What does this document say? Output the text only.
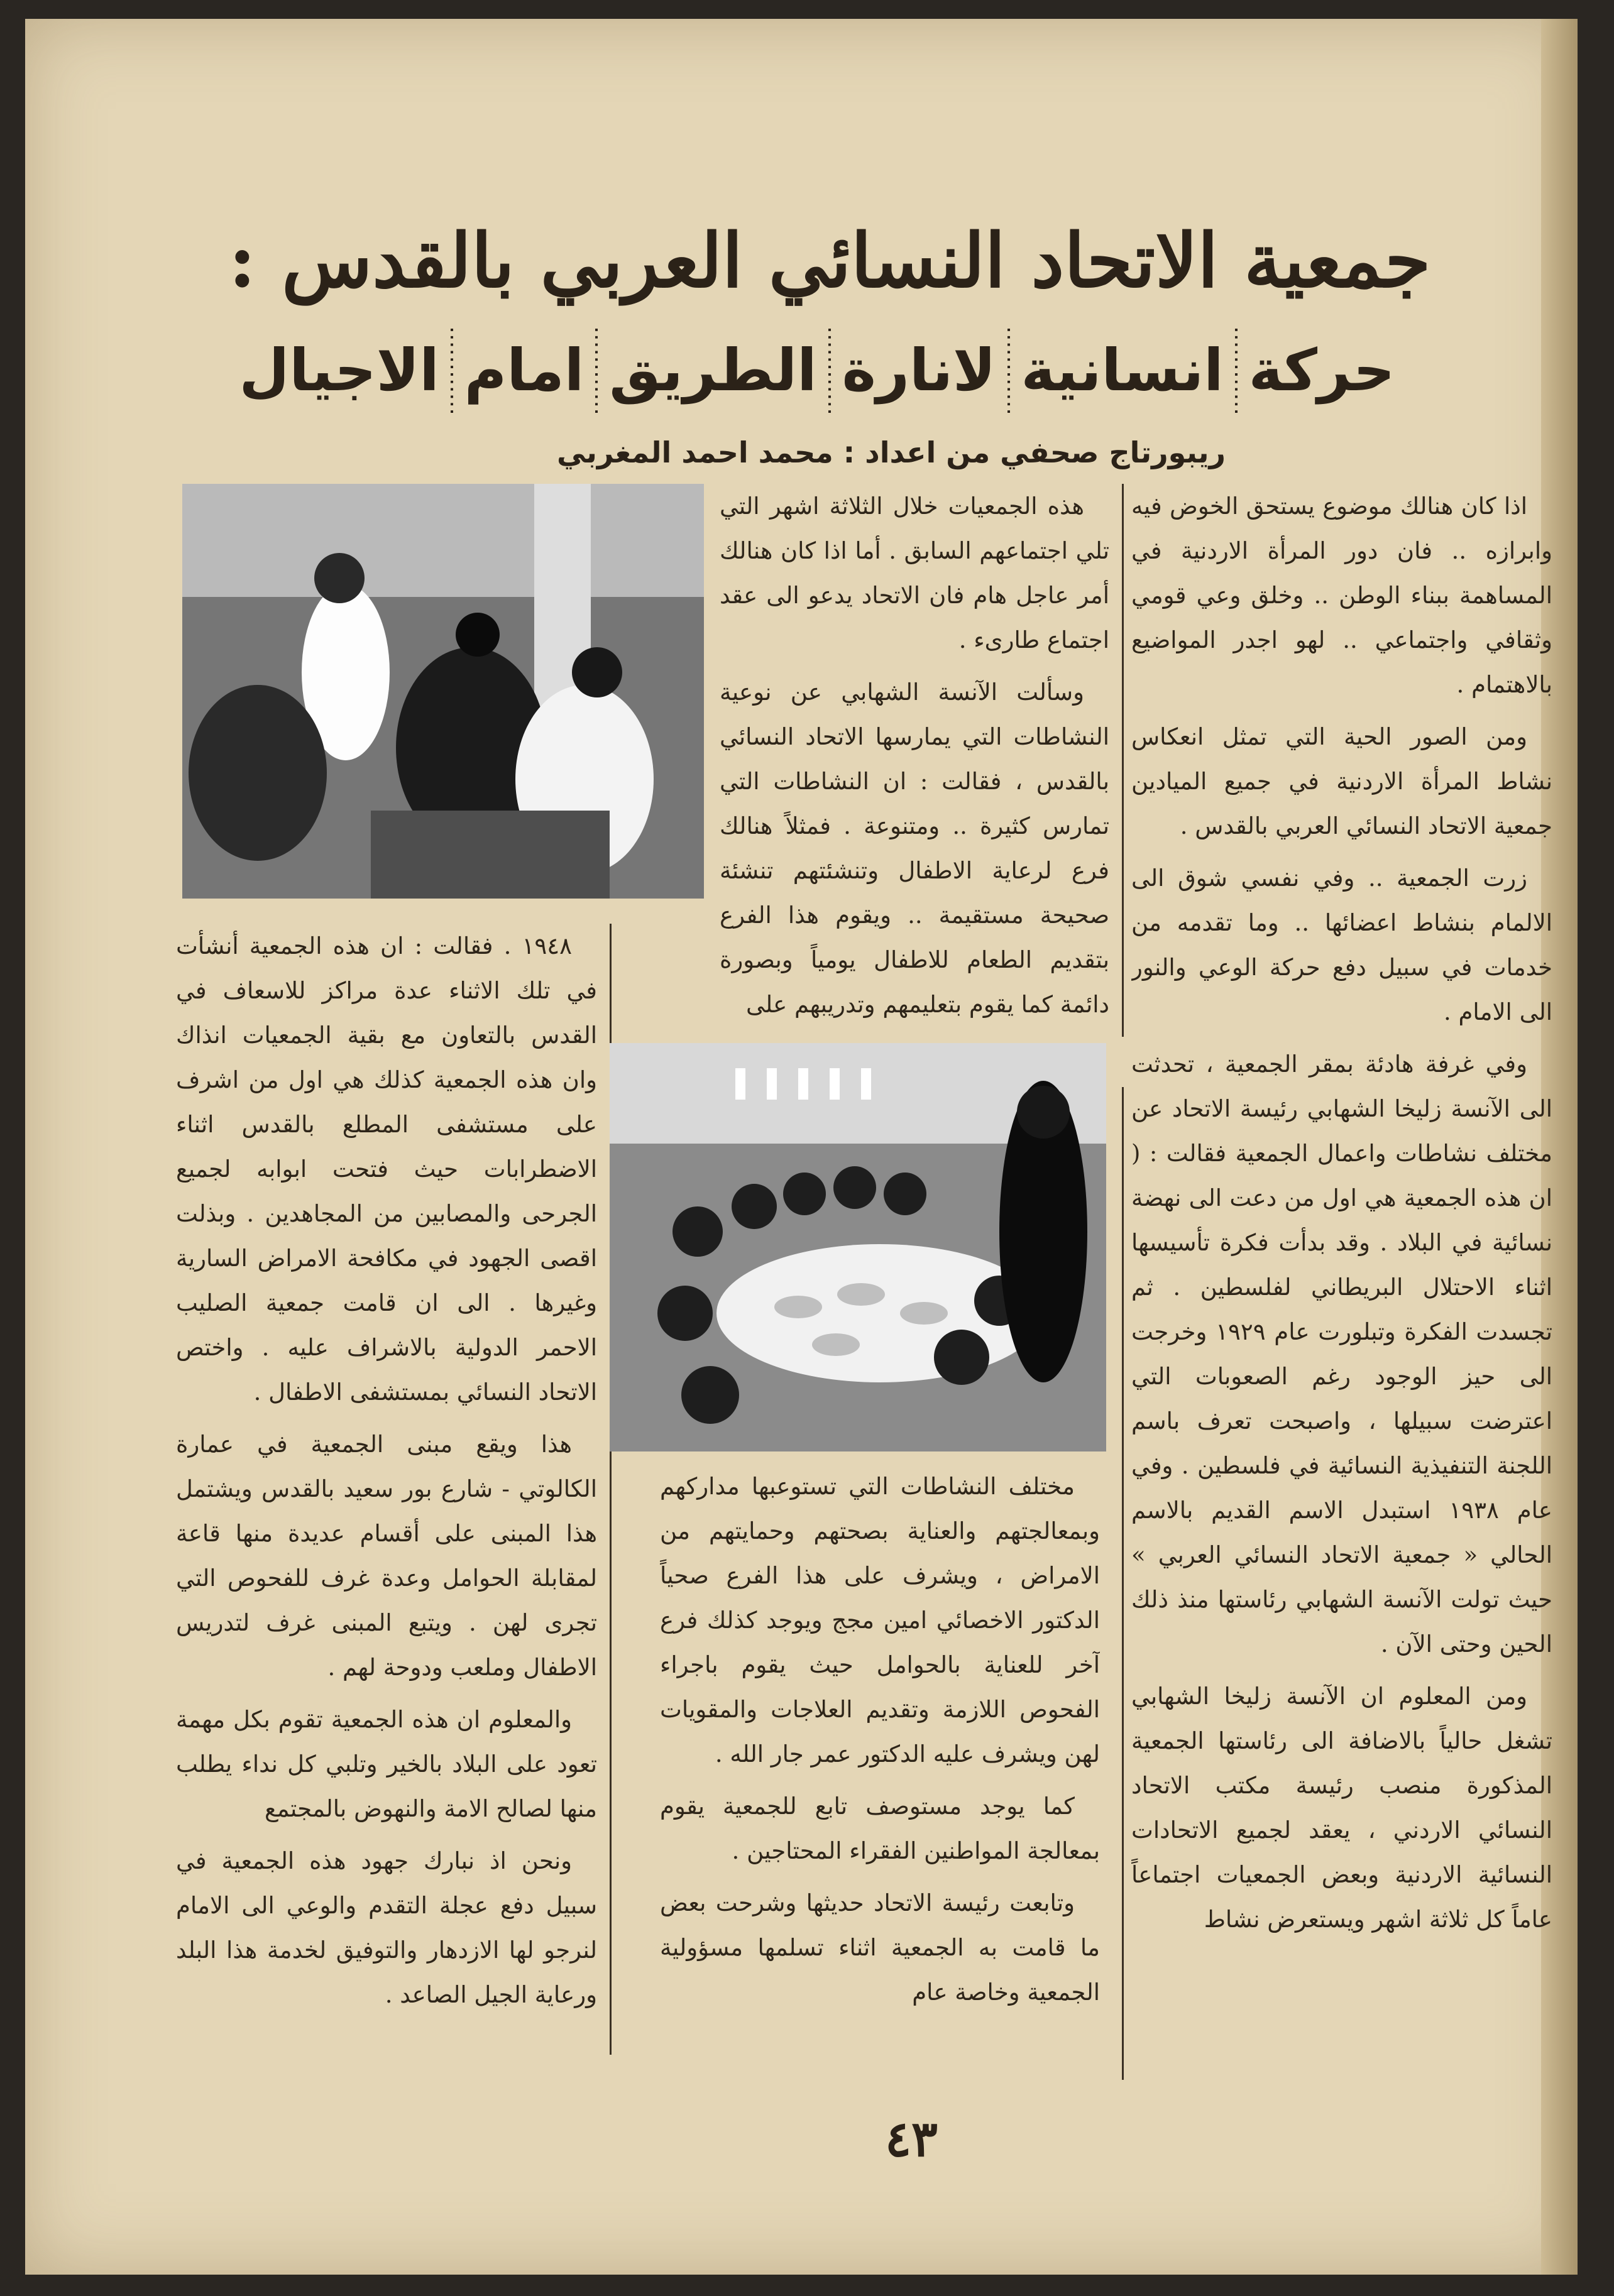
جمعية الاتحاد النسائي العربي بالقدس :
حركة
انسانية
لانارة
الطريق
امام
الاجيال
ريبورتاج صحفي من اعداد : محمد احمد المغربي

اذا كان هنالك موضوع يستحق الخوض فيه وابرازه .. فان دور المرأة الاردنية في المساهمة ببناء الوطن .. وخلق وعي قومي وثقافي واجتماعي .. لهو اجدر المواضيع بالاهتمام .

ومن الصور الحية التي تمثل انعكاس نشاط المرأة الاردنية في جميع الميادين جمعية الاتحاد النسائي العربي بالقدس .

زرت الجمعية .. وفي نفسي شوق الى الالمام بنشاط اعضائها .. وما تقدمه من خدمات في سبيل دفع حركة الوعي والنور الى الامام .

وفي غرفة هادئة بمقر الجمعية ، تحدثت الى الآنسة زليخا الشهابي رئيسة الاتحاد عن مختلف نشاطات واعمال الجمعية فقالت : ( ان هذه الجمعية هي اول من دعت الى نهضة نسائية في البلاد . وقد بدأت فكرة تأسيسها اثناء الاحتلال البريطاني لفلسطين . ثم تجسدت الفكرة وتبلورت عام ١٩٢٩ وخرجت الى حيز الوجود رغم الصعوبات التي اعترضت سبيلها ، واصبحت تعرف باسم اللجنة التنفيذية النسائية في فلسطين . وفي عام ١٩٣٨ استبدل الاسم القديم بالاسم الحالي « جمعية الاتحاد النسائي العربي » حيث تولت الآنسة الشهابي رئاستها منذ ذلك الحين وحتى الآن .

ومن المعلوم ان الآنسة زليخا الشهابي تشغل حالياً بالاضافة الى رئاستها الجمعية المذكورة منصب رئيسة مكتب الاتحاد النسائي الاردني ، يعقد لجميع الاتحادات النسائية الاردنية وبعض الجمعيات اجتماعاً عاماً كل ثلاثة اشهر ويستعرض نشاط

هذه الجمعيات خلال الثلاثة اشهر التي تلي اجتماعهم السابق . أما اذا كان هنالك أمر عاجل هام فان الاتحاد يدعو الى عقد اجتماع طارىء .

وسألت الآنسة الشهابي عن نوعية النشاطات التي يمارسها الاتحاد النسائي بالقدس ، فقالت : ان النشاطات التي تمارس كثيرة .. ومتنوعة . فمثلاً هنالك فرع لرعاية الاطفال وتنشئتهم تنشئة صحيحة مستقيمة .. ويقوم هذا الفرع بتقديم الطعام للاطفال يومياً وبصورة دائمة كما يقوم بتعليمهم وتدريبهم على

١٩٤٨ . فقالت : ان هذه الجمعية أنشأت في تلك الاثناء عدة مراكز للاسعاف في القدس بالتعاون مع بقية الجمعيات انذاك وان هذه الجمعية كذلك هي اول من اشرف على مستشفى المطلع بالقدس اثناء الاضطرابات حيث فتحت ابوابه لجميع الجرحى والمصابين من المجاهدين . وبذلت اقصى الجهود في مكافحة الامراض السارية وغيرها . الى ان قامت جمعية الصليب الاحمر الدولية بالاشراف عليه . واختص الاتحاد النسائي بمستشفى الاطفال .

هذا ويقع مبنى الجمعية في عمارة الكالوتي - شارع بور سعيد بالقدس ويشتمل هذا المبنى على أقسام عديدة منها قاعة لمقابلة الحوامل وعدة غرف للفحوص التي تجرى لهن . ويتبع المبنى غرف لتدريس الاطفال وملعب ودوحة لهم .

والمعلوم ان هذه الجمعية تقوم بكل مهمة تعود على البلاد بالخير وتلبي كل نداء يطلب منها لصالح الامة والنهوض بالمجتمع

ونحن اذ نبارك جهود هذه الجمعية في سبيل دفع عجلة التقدم والوعي الى الامام لنرجو لها الازدهار والتوفيق لخدمة هذا البلد ورعاية الجيل الصاعد .

مختلف النشاطات التي تستوعبها مداركهم وبمعالجتهم والعناية بصحتهم وحمايتهم من الامراض ، ويشرف على هذا الفرع صحياً الدكتور الاخصائي امين مجج ويوجد كذلك فرع آخر للعناية بالحوامل حيث يقوم باجراء الفحوص اللازمة وتقديم العلاجات والمقويات لهن ويشرف عليه الدكتور عمر جار الله .

كما يوجد مستوصف تابع للجمعية يقوم بمعالجة المواطنين الفقراء المحتاجين .

وتابعت رئيسة الاتحاد حديثها وشرحت بعض ما قامت به الجمعية اثناء تسلمها مسؤولية الجمعية وخاصة عام

٤٣
